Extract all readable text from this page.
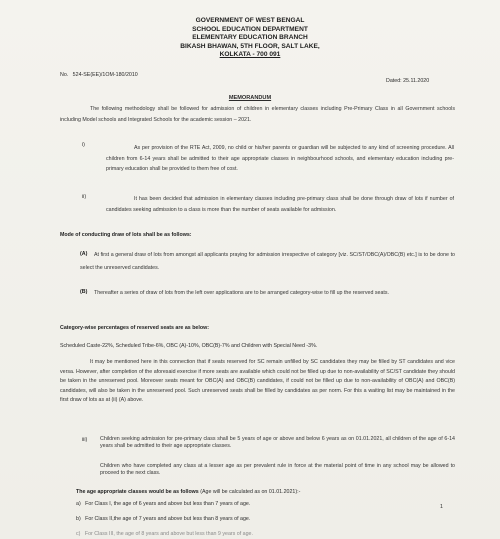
GOVERNMENT OF WEST BENGAL
SCHOOL EDUCATION DEPARTMENT
ELEMENTARY EDUCATION BRANCH
BIKASH BHAWAN, 5TH FLOOR, SALT LAKE,
KOLKATA - 700 091
No. 524-SE(EE)/1OM-180/2010
Dated: 25.11.2020
MEMORANDUM
The following methodology shall be followed for admission of children in elementary classes including Pre-Primary Class in all Government schools including Model schools and Integrated Schools for the academic session – 2021.
i)	As per provision of the RTE Act, 2009, no child or his/her parents or guardian will be subjected to any kind of screening procedure. All children from 6-14 years shall be admitted to their age appropriate classes in neighbourhood schools, and elementary education including pre-primary education shall be provided to them free of cost.
ii)	It has been decided that admission in elementary classes including pre-primary class shall be done through draw of lots if number of candidates seeking admission to a class is more than the number of seats available for admission.
Mode of conducting draw of lots shall be as follows:
(A)	At first a general draw of lots from amongst all applicants praying for admission irrespective of category [viz. SC/ST/OBC(A)/OBC(B) etc.] is to be done to select the unreserved candidates.
(B)	Thereafter a series of draw of lots from the left over applications are to be arranged category-wise to fill up the reserved seats.
Category-wise percentages of reserved seats are as below:
Scheduled Caste-22%, Scheduled Tribe-6%, OBC (A)-10%, OBC(B)-7% and Children with Special Need -3%.
It may be mentioned here in this connection that if seats reserved for SC remain unfilled by SC candidates they may be filled by ST candidates and vice versa. However, after completion of the aforesaid exercise if more seats are available which could not be filled up due to non-availability of SC/ST candidate they should be taken in the unreserved pool. Moreover seats meant for OBC(A) and OBC(B) candidates, if could not be filled up due to non-availability of OBC(A) and OBC(B) candidates, will also be taken in the unreserved pool. Such unreserved seats shall be filled by candidates as per norm. For this a waiting list may be maintained in the first draw of lots as at (ii) (A) above.
iii) Children seeking admission for pre-primary class shall be 5 years of age or above and below 6 years as on 01.01.2021, all children of the age of 6-14 years shall be admitted to their age appropriate classes.
Children who have completed any class at a lesser age as per prevalent rule in force at the material point of time in any school may be allowed to proceed to the next class.
The age appropriate classes would be as follows (Age will be calculated as on 01.01.2021):-
a) For Class I, the age of 6 years and above but less than 7 years of age.	1
b) For Class II,the age of 7 years and above but less than 8 years of age.
c) For Class III, the age of 8 years and above but less than 9 years of age.
